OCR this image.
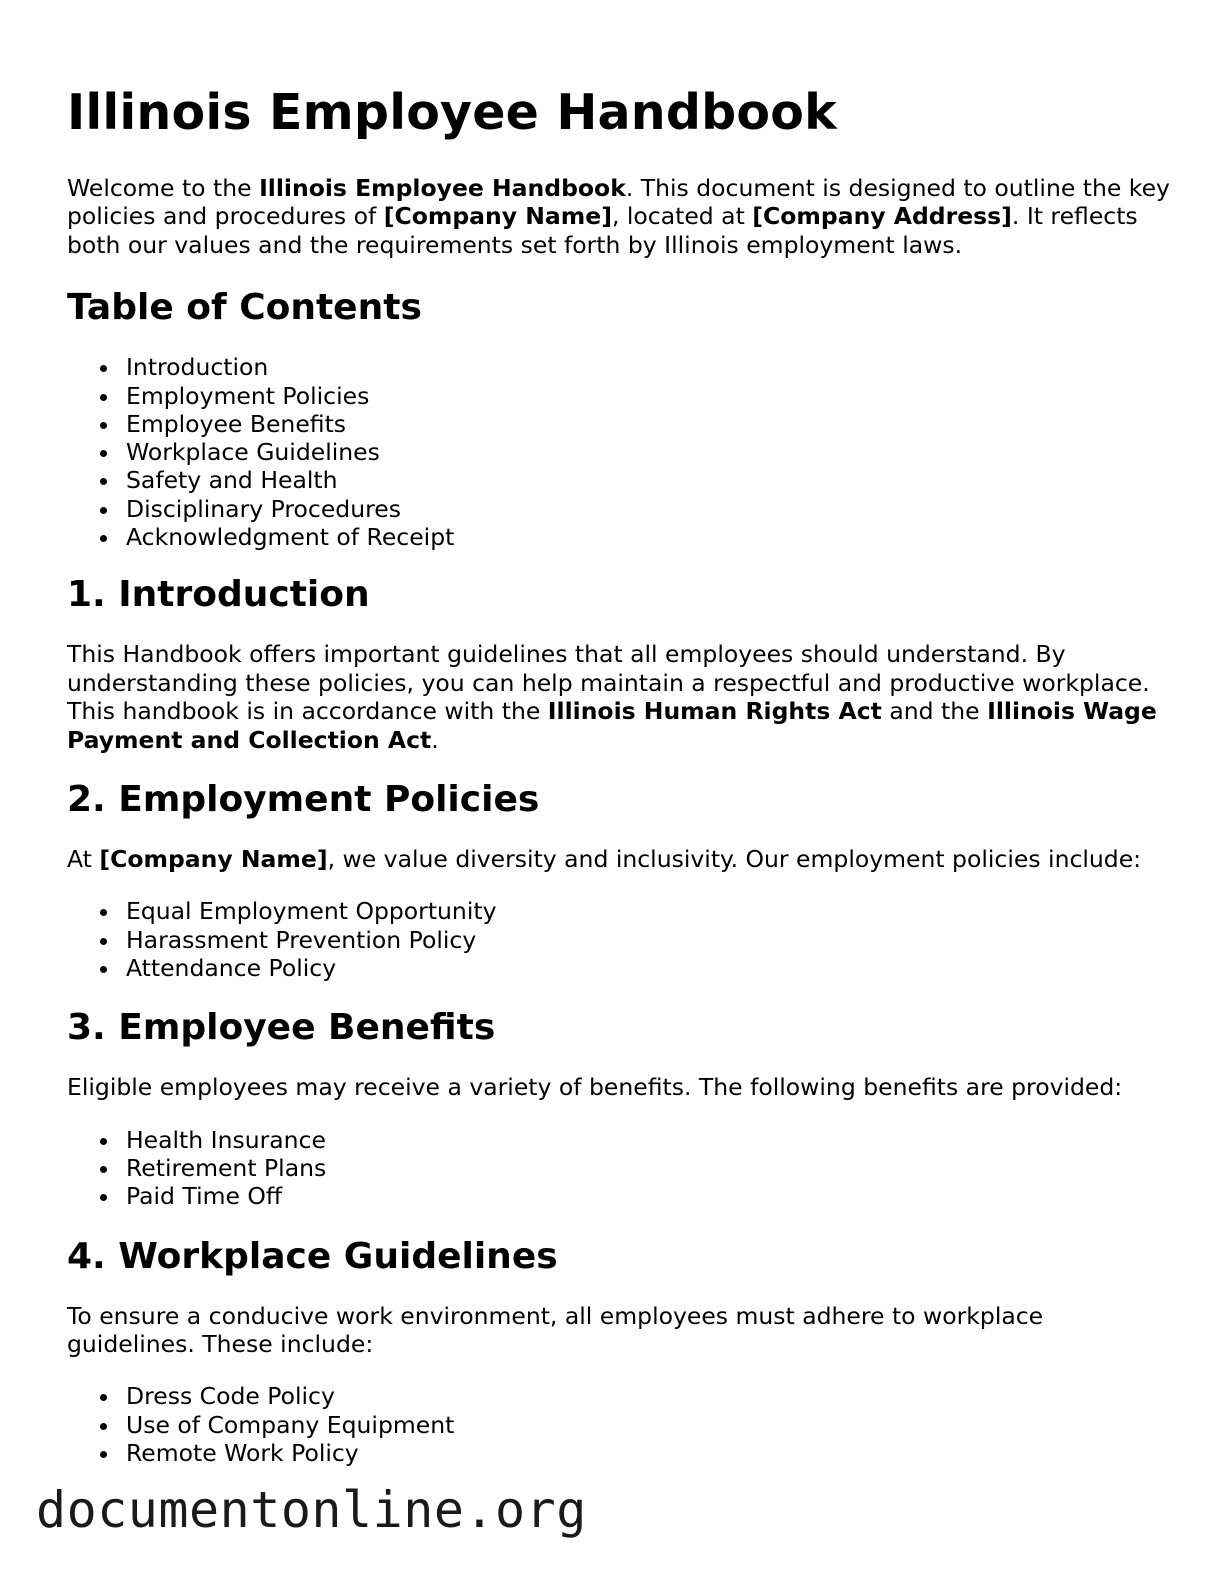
Illinois Employee Handbook

Welcome to the Illinois Employee Handbook. This document is designed to outline the key policies and procedures of [Company Name], located at [Company Address]. It reflects both our values and the requirements set forth by Illinois employment laws.

Table of Contents
Introduction
Employment Policies
Employee Benefits
Workplace Guidelines
Safety and Health
Disciplinary Procedures
Acknowledgment of Receipt
1. Introduction

This Handbook offers important guidelines that all employees should understand. By understanding these policies, you can help maintain a respectful and productive workplace. This handbook is in accordance with the Illinois Human Rights Act and the Illinois Wage Payment and Collection Act.

2. Employment Policies

At [Company Name], we value diversity and inclusivity. Our employment policies include:

Equal Employment Opportunity
Harassment Prevention Policy
Attendance Policy
3. Employee Benefits

Eligible employees may receive a variety of benefits. The following benefits are provided:

Health Insurance
Retirement Plans
Paid Time Off
4. Workplace Guidelines

To ensure a conducive work environment, all employees must adhere to workplace guidelines. These include:

Dress Code Policy
Use of Company Equipment
Remote Work Policy
documentonline.org
